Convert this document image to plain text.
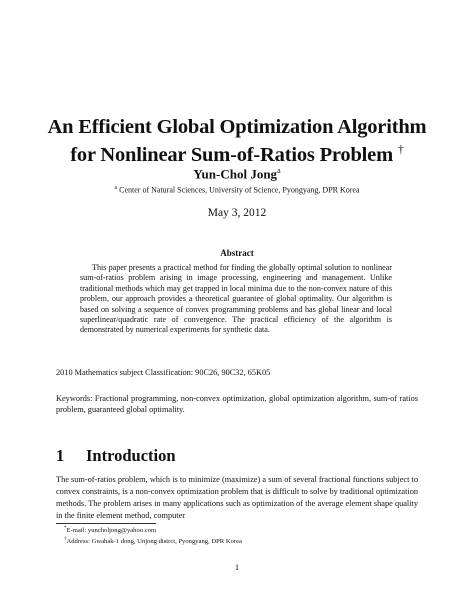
An Efficient Global Optimization Algorithm for Nonlinear Sum-of-Ratios Problem †
Yun-Chol Jong$^a$
$^a$ Center of Natural Sciences, University of Science, Pyongyang, DPR Korea
May 3, 2012
Abstract
This paper presents a practical method for finding the globally optimal solution to nonlinear sum-of-ratios problem arising in image processing, engineering and management. Unlike traditional methods which may get trapped in local minima due to the non-convex nature of this problem, our approach provides a theoretical guarantee of global optimality. Our algorithm is based on solving a sequence of convex programming problems and has global linear and local superlinear/quadratic rate of convergence. The practical efficiency of the algorithm is demonstrated by numerical experiments for synthetic data.
2010 Mathematics subject Classification: 90C26, 90C32, 65K05
Keywords: Fractional programming, non-convex optimization, global optimization algorithm, sum-of ratios problem, guaranteed global optimality.
1 Introduction
The sum-of-ratios problem, which is to minimize (maximize) a sum of several fractional functions subject to convex constraints, is a non-convex optimization problem that is difficult to solve by traditional optimization methods. The problem arises in many applications such as optimization of the average element shape quality in the finite element method, computer
*E-mail: yuncholjong@yahoo.com
†Address: Gwahak-1 dong, Unjong distrct, Pyongyang, DPR Korea
1
